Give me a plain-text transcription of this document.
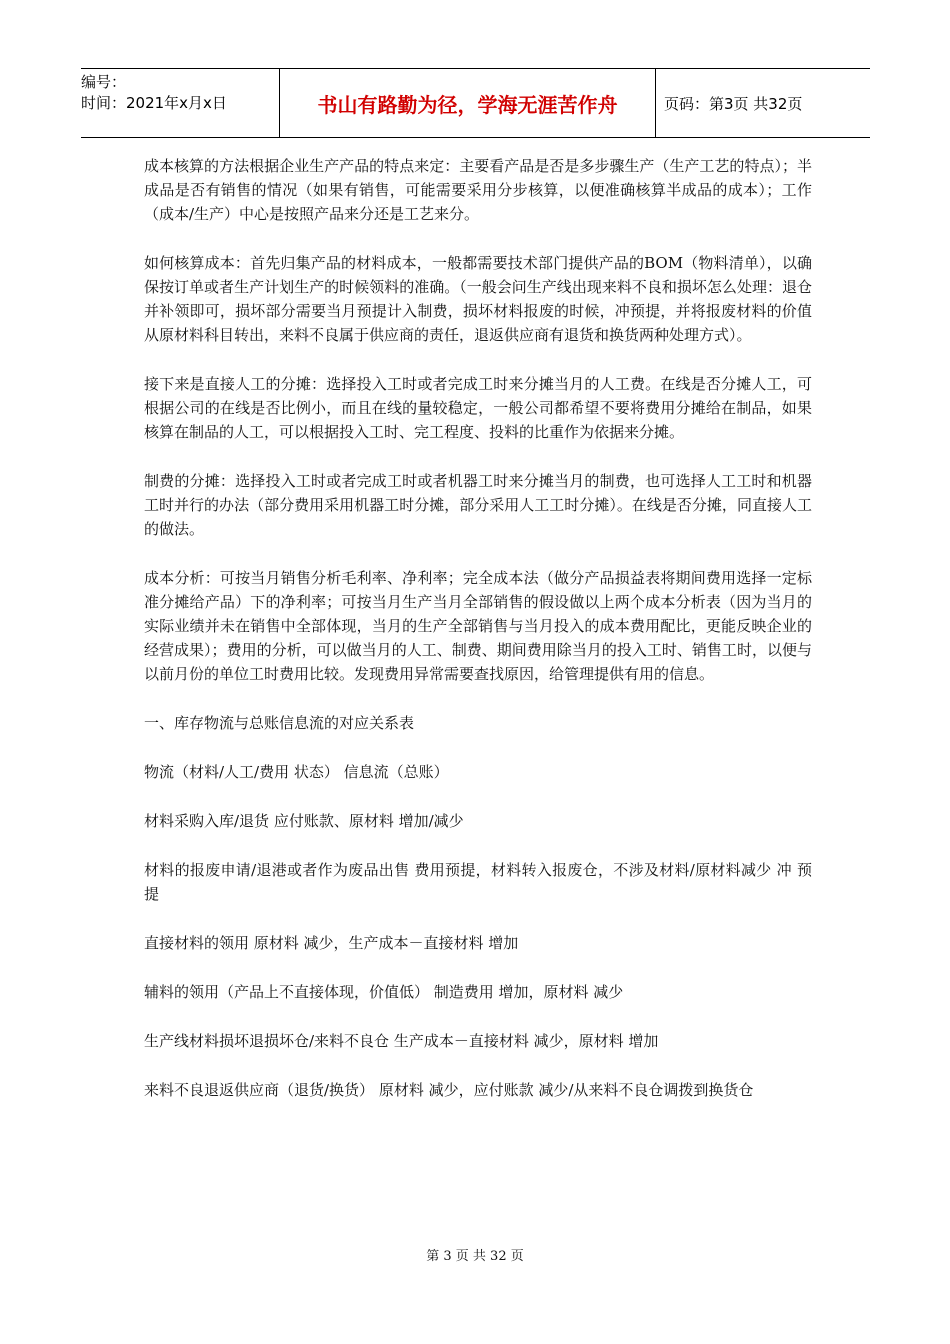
编号：
时间：2021年x月x日	书山有路勤为径，学海无涯苦作舟	页码：第3页 共32页

成本核算的方法根据企业生产产品的特点来定：主要看产品是否是多步骤生产（生产工艺的特点）；半成品是否有销售的情况（如果有销售，可能需要采用分步核算，以便准确核算半成品的成本）；工作（成本/生产）中心是按照产品来分还是工艺来分。

如何核算成本：首先归集产品的材料成本，一般都需要技术部门提供产品的BOM（物料清单），以确保按订单或者生产计划生产的时候领料的准确。（一般会问生产线出现来料不良和损坏怎么处理：退仓并补领即可，损坏部分需要当月预提计入制费，损坏材料报废的时候，冲预提，并将报废材料的价值从原材料科目转出，来料不良属于供应商的责任，退返供应商有退货和换货两种处理方式）。

接下来是直接人工的分摊：选择投入工时或者完成工时来分摊当月的人工费。在线是否分摊人工，可根据公司的在线是否比例小，而且在线的量较稳定，一般公司都希望不要将费用分摊给在制品，如果核算在制品的人工，可以根据投入工时、完工程度、投料的比重作为依据来分摊。

制费的分摊：选择投入工时或者完成工时或者机器工时来分摊当月的制费，也可选择人工工时和机器工时并行的办法（部分费用采用机器工时分摊，部分采用人工工时分摊）。在线是否分摊，同直接人工的做法。

成本分析：可按当月销售分析毛利率、净利率；完全成本法（做分产品损益表将期间费用选择一定标准分摊给产品）下的净利率；可按当月生产当月全部销售的假设做以上两个成本分析表（因为当月的实际业绩并未在销售中全部体现，当月的生产全部销售与当月投入的成本费用配比，更能反映企业的经营成果）；费用的分析，可以做当月的人工、制费、期间费用除当月的投入工时、销售工时，以便与以前月份的单位工时费用比较。发现费用异常需要查找原因，给管理提供有用的信息。

一、库存物流与总账信息流的对应关系表

物流（材料/人工/费用 状态） 信息流（总账）

材料采购入库/退货 应付账款、原材料 增加/减少

材料的报废申请/退港或者作为废品出售 费用预提，材料转入报废仓，不涉及材料/原材料减少 冲 预提

直接材料的领用 原材料 减少，生产成本－直接材料 增加

辅料的领用（产品上不直接体现，价值低） 制造费用 增加，原材料 减少

生产线材料损坏退损坏仓/来料不良仓 生产成本－直接材料 减少，原材料 增加

来料不良退返供应商（退货/换货） 原材料 减少，应付账款 减少/从来料不良仓调拨到换货仓

第 3 页 共 32 页
